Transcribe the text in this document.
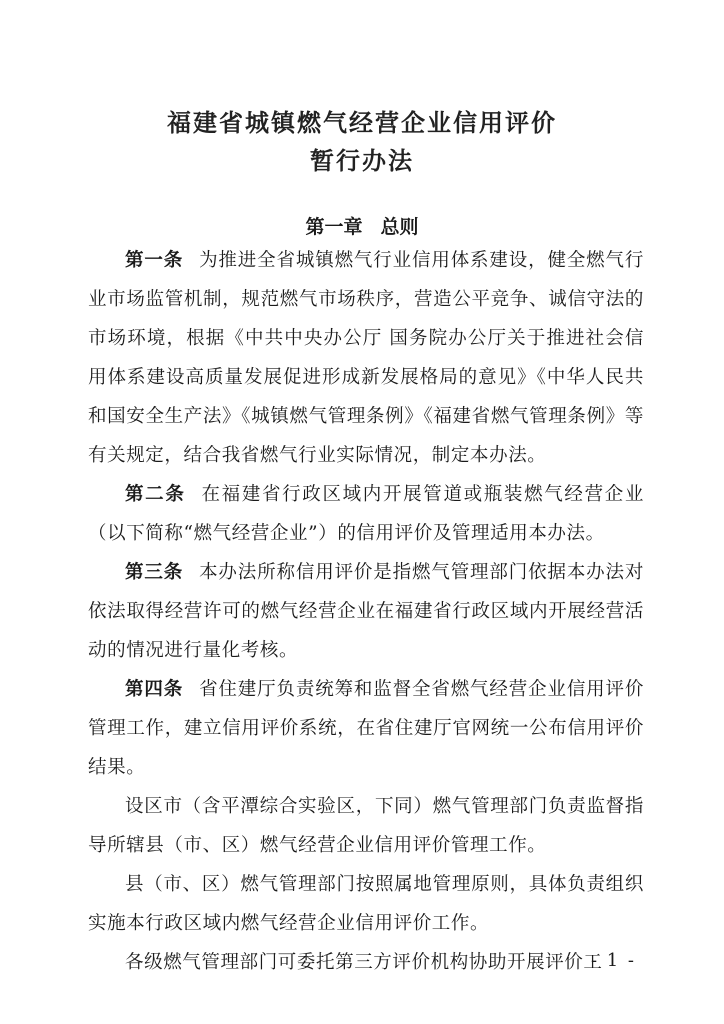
福建省城镇燃气经营企业信用评价
暂行办法
第一章 总则

第一条 为推进全省城镇燃气行业信用体系建设，健全燃气行业市场监管机制，规范燃气市场秩序，营造公平竞争、诚信守法的市场环境，根据《中共中央办公厅 国务院办公厅关于推进社会信用体系建设高质量发展促进形成新发展格局的意见》《中华人民共和国安全生产法》《城镇燃气管理条例》《福建省燃气管理条例》等有关规定，结合我省燃气行业实际情况，制定本办法。

第二条 在福建省行政区域内开展管道或瓶装燃气经营企业（以下简称“燃气经营企业”）的信用评价及管理适用本办法。

第三条 本办法所称信用评价是指燃气管理部门依据本办法对依法取得经营许可的燃气经营企业在福建省行政区域内开展经营活动的情况进行量化考核。

第四条 省住建厅负责统筹和监督全省燃气经营企业信用评价管理工作，建立信用评价系统，在省住建厅官网统一公布信用评价结果。

设区市（含平潭综合实验区，下同）燃气管理部门负责监督指导所辖县（市、区）燃气经营企业信用评价管理工作。

县（市、区）燃气管理部门按照属地管理原则，具体负责组织实施本行政区域内燃气经营企业信用评价工作。

各级燃气管理部门可委托第三方评价机构协助开展评价工

- 1 -
